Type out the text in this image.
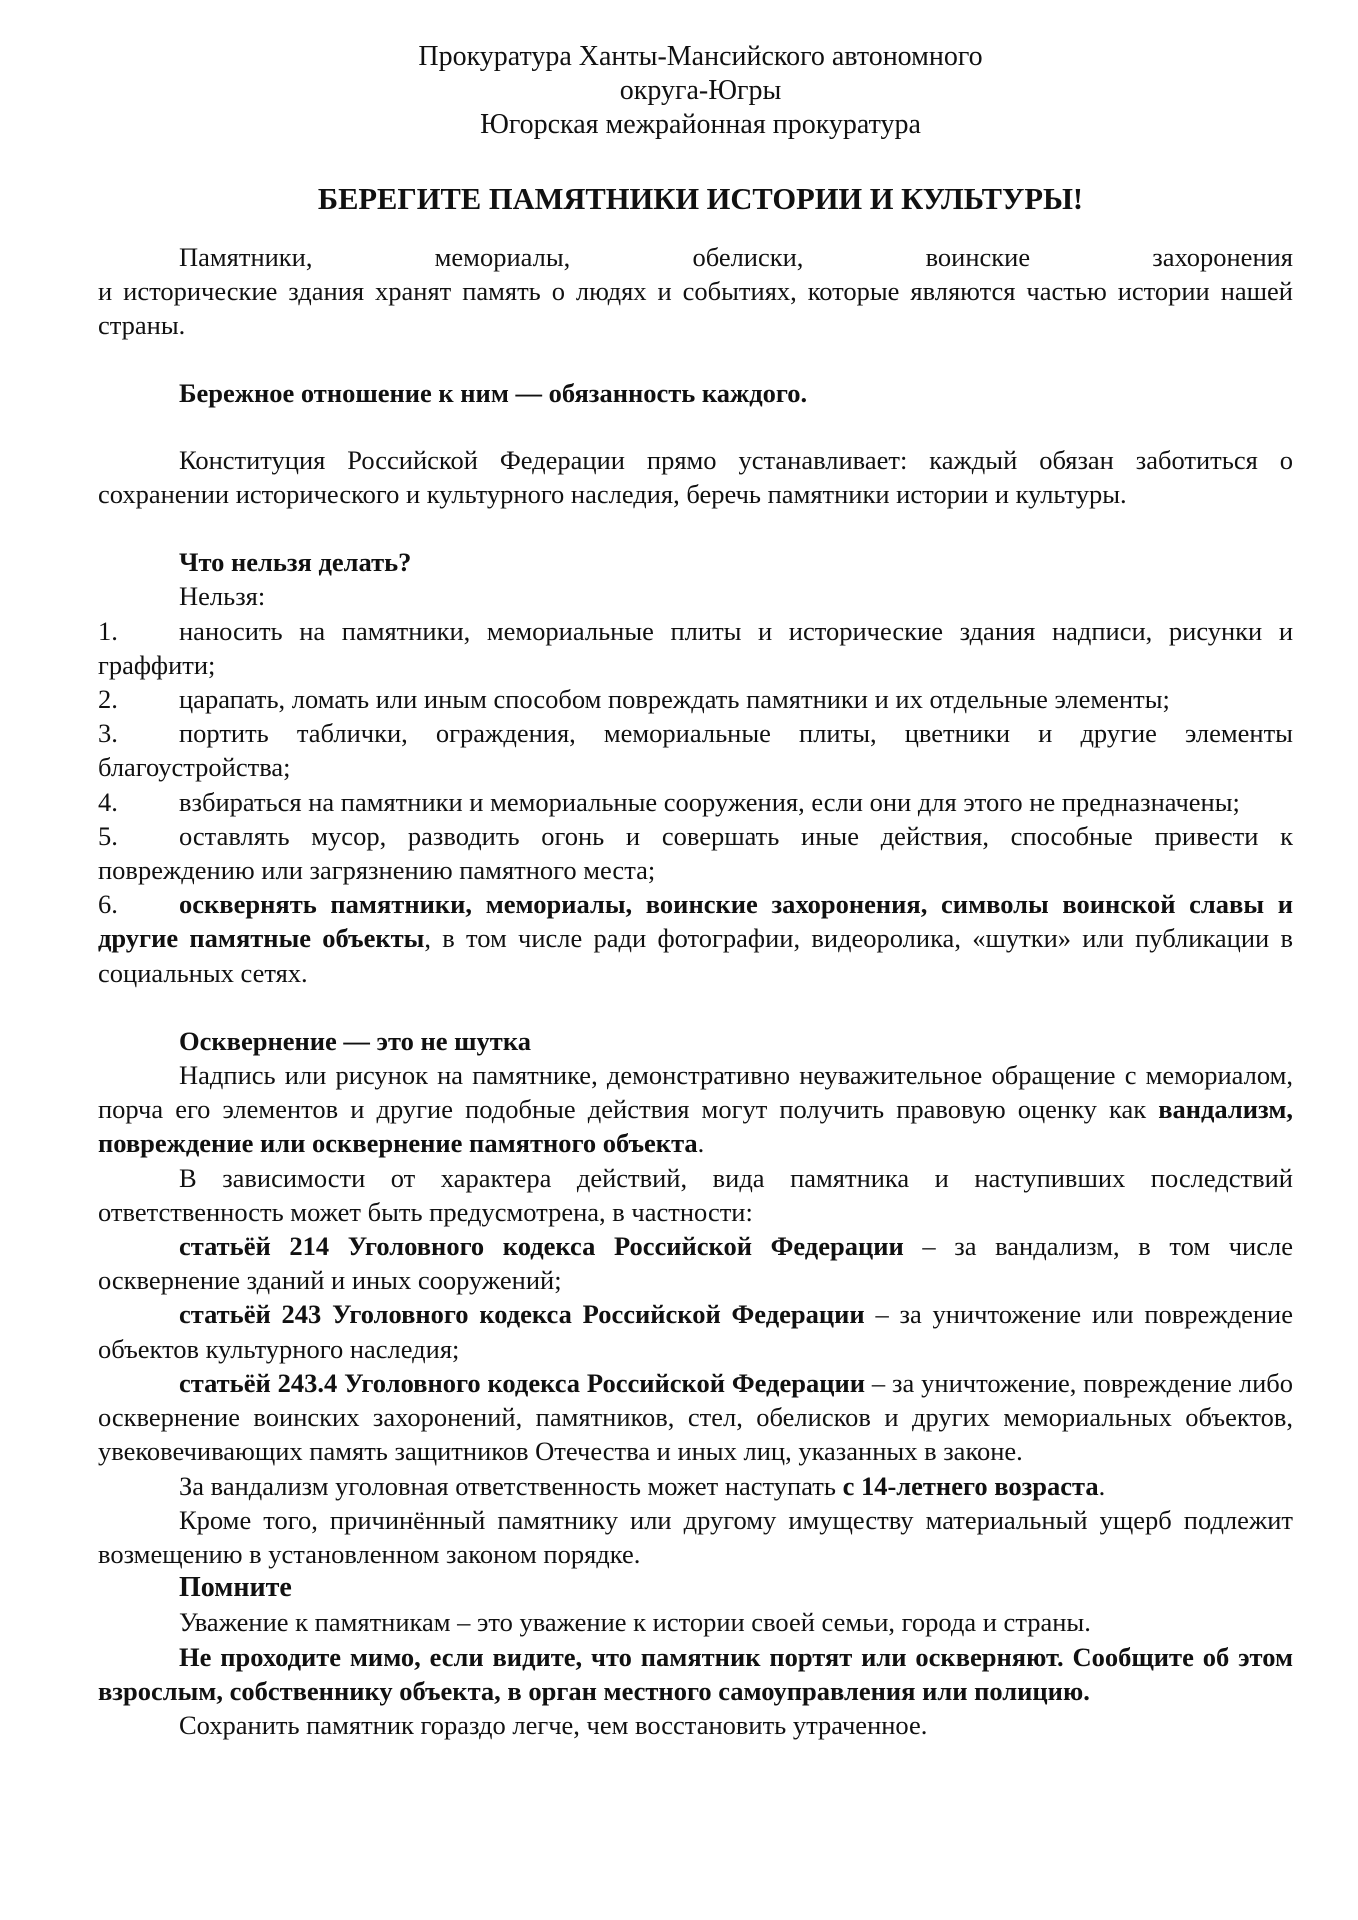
Прокуратура Ханты-Мансийского автономного
округа-Югры
Югорская межрайонная прокуратура
БЕРЕГИТЕ ПАМЯТНИКИ ИСТОРИИ И КУЛЬТУРЫ!

Памятники,	мемориалы,	обелиски,	воинские	захоронения

и исторические здания хранят память о людях и событиях, которые являются частью истории нашей страны.

Бережное отношение к ним — обязанность каждого.

Конституция Российской Федерации прямо устанавливает: каждый обязан заботиться о сохранении исторического и культурного наследия, беречь памятники истории и культуры.

Что нельзя делать?

Нельзя:

1. наносить на памятники, мемориальные плиты и исторические здания надписи, рисунки и граффити;

2. царапать, ломать или иным способом повреждать памятники и их отдельные элементы;

3. портить таблички, ограждения, мемориальные плиты, цветники и другие элементы благоустройства;

4. взбираться на памятники и мемориальные сооружения, если они для этого не предназначены;

5. оставлять мусор, разводить огонь и совершать иные действия, способные привести к повреждению или загрязнению памятного места;

6. осквернять памятники, мемориалы, воинские захоронения, символы воинской славы и другие памятные объекты, в том числе ради фотографии, видеоролика, «шутки» или публикации в социальных сетях.

Осквернение — это не шутка

Надпись или рисунок на памятнике, демонстративно неуважительное обращение с мемориалом, порча его элементов и другие подобные действия могут получить правовую оценку как вандализм, повреждение или осквернение памятного объекта.

В зависимости от характера действий, вида памятника и наступивших последствий ответственность может быть предусмотрена, в частности:

статьёй 214 Уголовного кодекса Российской Федерации – за вандализм, в том числе осквернение зданий и иных сооружений;

статьёй 243 Уголовного кодекса Российской Федерации – за уничтожение или повреждение объектов культурного наследия;

статьёй 243.4 Уголовного кодекса Российской Федерации – за уничтожение, повреждение либо осквернение воинских захоронений, памятников, стел, обелисков и других мемориальных объектов, увековечивающих память защитников Отечества и иных лиц, указанных в законе.

За вандализм уголовная ответственность может наступать с 14-летнего возраста.

Кроме того, причинённый памятнику или другому имуществу материальный ущерб подлежит возмещению в установленном законом порядке.

Помните

Уважение к памятникам – это уважение к истории своей семьи, города и страны.

Не проходите мимо, если видите, что памятник портят или оскверняют. Сообщите об этом взрослым, собственнику объекта, в орган местного самоуправления или полицию.

Сохранить памятник гораздо легче, чем восстановить утраченное.
